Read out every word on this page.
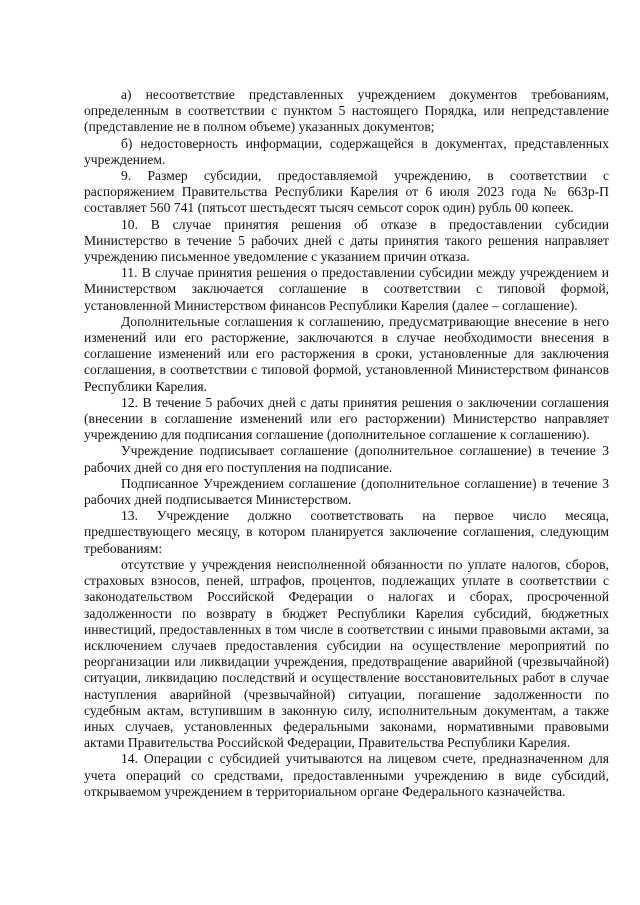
а) несоответствие представленных учреждением документов требованиям, определенным в соответствии с пунктом 5 настоящего Порядка, или непредставление (представление не в полном объеме) указанных документов;

б) недостоверность информации, содержащейся в документах, представленных учреждением.

9. Размер субсидии, предоставляемой учреждению, в соответствии с распоряжением Правительства Республики Карелия от 6 июля 2023 года № 663р-П составляет 560 741 (пятьсот шестьдесят тысяч семьсот сорок один) рубль 00 копеек.

10. В случае принятия решения об отказе в предоставлении субсидии Министерство в течение 5 рабочих дней с даты принятия такого решения направляет учреждению письменное уведомление с указанием причин отказа.

11. В случае принятия решения о предоставлении субсидии между учреждением и Министерством заключается соглашение в соответствии с типовой формой, установленной Министерством финансов Республики Карелия (далее – соглашение).

Дополнительные соглашения к соглашению, предусматривающие внесение в него изменений или его расторжение, заключаются в случае необходимости внесения в соглашение изменений или его расторжения в сроки, установленные для заключения соглашения, в соответствии с типовой формой, установленной Министерством финансов Республики Карелия.

12. В течение 5 рабочих дней с даты принятия решения о заключении соглашения (внесении в соглашение изменений или его расторжении) Министерство направляет учреждению для подписания соглашение (дополнительное соглашение к соглашению).

Учреждение подписывает соглашение (дополнительное соглашение) в течение 3 рабочих дней со дня его поступления на подписание.

Подписанное Учреждением соглашение (дополнительное соглашение) в течение 3 рабочих дней подписывается Министерством.

13. Учреждение должно соответствовать на первое число месяца, предшествующего месяцу, в котором планируется заключение соглашения, следующим требованиям:

отсутствие у учреждения неисполненной обязанности по уплате налогов, сборов, страховых взносов, пеней, штрафов, процентов, подлежащих уплате в соответствии с законодательством Российской Федерации о налогах и сборах, просроченной задолженности по возврату в бюджет Республики Карелия субсидий, бюджетных инвестиций, предоставленных в том числе в соответствии с иными правовыми актами, за исключением случаев предоставления субсидии на осуществление мероприятий по реорганизации или ликвидации учреждения, предотвращение аварийной (чрезвычайной) ситуации, ликвидацию последствий и осуществление восстановительных работ в случае наступления аварийной (чрезвычайной) ситуации, погашение задолженности по судебным актам, вступившим в законную силу, исполнительным документам, а также иных случаев, установленных федеральными законами, нормативными правовыми актами Правительства Российской Федерации, Правительства Республики Карелия.

14. Операции с субсидией учитываются на лицевом счете, предназначенном для учета операций со средствами, предоставленными учреждению в виде субсидий, открываемом учреждением в территориальном органе Федерального казначейства.
